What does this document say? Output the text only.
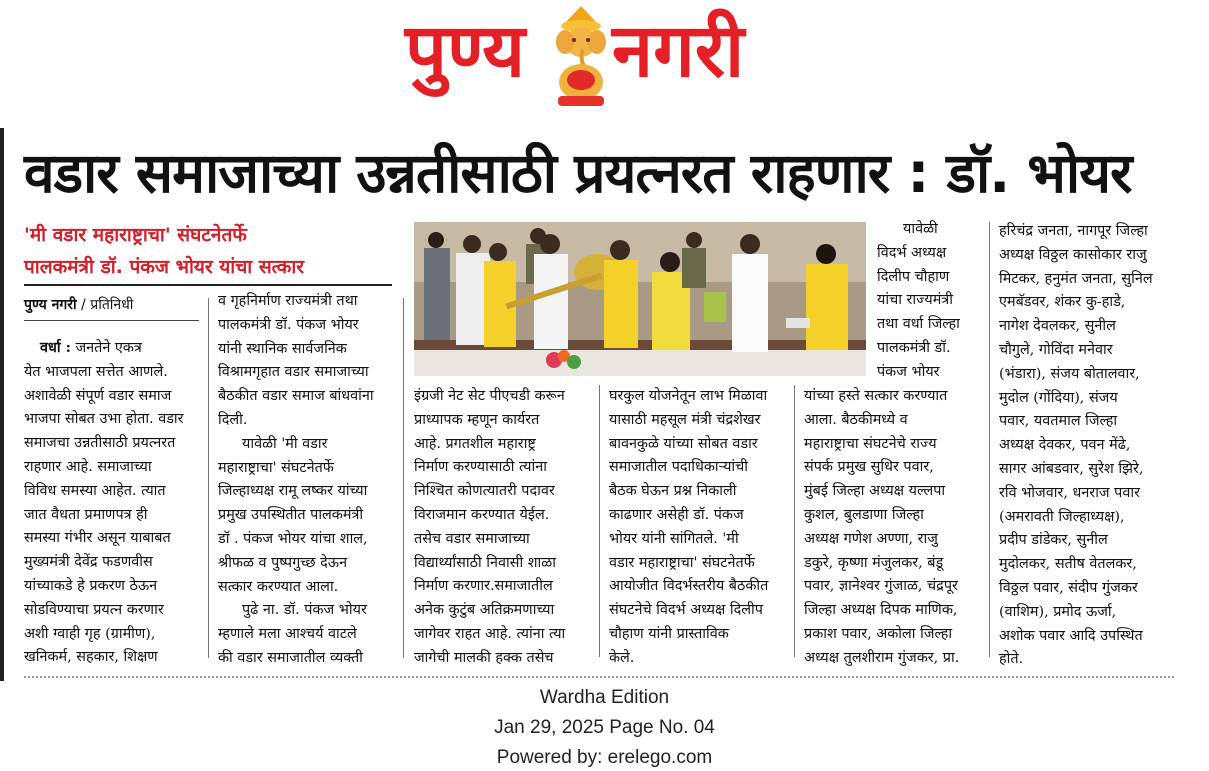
पुण्य नगरी
वडार समाजाच्या उन्नतीसाठी प्रयत्नरत राहणार : डॉ. भोयर
'मी वडार महाराष्ट्राचा' संघटनेतर्फे
पालकमंत्री डॉ. पंकज भोयर यांचा सत्कार
पुण्य नगरी / प्रतिनिधी

वर्धा : जनतेने एकत्र

येत भाजपला सत्तेत आणले.

अशावेळी संपूर्ण वडार समाज

भाजपा सोबत उभा होता. वडार

समाजचा उन्नतीसाठी प्रयत्नरत

राहणार आहे. समाजाच्या

विविध समस्या आहेत. त्यात

जात वैधता प्रमाणपत्र ही

समस्या गंभीर असून याबाबत

मुख्यमंत्री देवेंद्र फडणवीस

यांच्याकडे हे प्रकरण ठेऊन

सोडविण्याचा प्रयत्न करणार

अशी ग्वाही गृह (ग्रामीण),

खनिकर्म, सहकार, शिक्षण

व गृहनिर्माण राज्यमंत्री तथा

पालकमंत्री डॉ. पंकज भोयर

यांनी स्थानिक सार्वजनिक

विश्रामगृहात वडार समाजाच्या

बैठकीत वडार समाज बांधवांना

दिली.

यावेळी 'मी वडार

महाराष्ट्राचा' संघटनेतर्फे

जिल्हाध्यक्ष रामू लष्कर यांच्या

प्रमुख उपस्थितीत पालकमंत्री

डॉ . पंकज भोयर यांचा शाल,

श्रीफळ व पुष्पगुच्छ देऊन

सत्कार करण्यात आला.

पुढे ना. डॉ. पंकज भोयर

म्हणाले मला आश्चर्य वाटले

की वडार समाजातील व्यक्ती

इंग्रजी नेट सेट पीएचडी करून

प्राध्यापक म्हणून कार्यरत

आहे. प्रगतशील महाराष्ट्र

निर्माण करण्यासाठी त्यांना

निश्चित कोणत्यातरी पदावर

विराजमान करण्यात येईल.

तसेच वडार समाजाच्या

विद्यार्थ्यांसाठी निवासी शाळा

निर्माण करणार.समाजातील

अनेक कुटुंब अतिक्रमणाच्या

जागेवर राहत आहे. त्यांना त्या

जागेची मालकी हक्क तसेच

घरकुल योजनेतून लाभ मिळावा

यासाठी महसूल मंत्री चंद्रशेखर

बावनकुळे यांच्या सोबत वडार

समाजातील पदाधिकाऱ्यांची

बैठक घेऊन प्रश्न निकाली

काढणार असेही डॉ. पंकज

भोयर यांनी सांगितले. 'मी

वडार महाराष्ट्राचा' संघटनेतर्फे

आयोजीत विदर्भस्तरीय बैठकीत

संघटनेचे विदर्भ अध्यक्ष दिलीप

चौहाण यांनी प्रास्ताविक

केले.

यावेळी

विदर्भ अध्यक्ष

दिलीप चौहाण

यांचा राज्यमंत्री

तथा वर्धा जिल्हा

पालकमंत्री डॉ.

पंकज भोयर

यांच्या हस्ते सत्कार करण्यात

आला. बैठकीमध्ये व

महाराष्ट्राचा संघटनेचे राज्य

संपर्क प्रमुख सुधिर पवार,

मुंबई जिल्हा अध्यक्ष यल्लपा

कुशल, बुलडाणा जिल्हा

अध्यक्ष गणेश अण्णा, राजु

डकुरे, कृष्णा मंजुलकर, बंडू

पवार, ज्ञानेश्वर गुंजाळ, चंद्रपूर

जिल्हा अध्यक्ष दिपक माणिक,

प्रकाश पवार, अकोला जिल्हा

अध्यक्ष तुलशीराम गुंजकर, प्रा.

हरिचंद्र जनता, नागपूर जिल्हा

अध्यक्ष विठ्ठल कासोकार राजु

मिटकर, हनुमंत जनता, सुनिल

एमबॅडवर, शंकर कु-हाडे,

नागेश देवलकर, सुनील

चौगुले, गोविंदा मनेवार

(भंडारा), संजय बोतालवार,

मुदोल (गोंदिया), संजय

पवार, यवतमाल जिल्हा

अध्यक्ष देवकर, पवन मेंढे,

सागर आंबडवार, सुरेश झिरे,

रवि भोजवार, धनराज पवार

(अमरावती जिल्हाध्यक्ष),

प्रदीप डांडेकर, सुनील

मुदोलकर, सतीष वेतलकर,

विठ्ठल पवार, संदीप गुंजकर

(वाशिम), प्रमोद ऊर्जा,

अशोक पवार आदि उपस्थित

होते.

Wardha Edition
Jan 29, 2025 Page No. 04
Powered by: erelego.com
